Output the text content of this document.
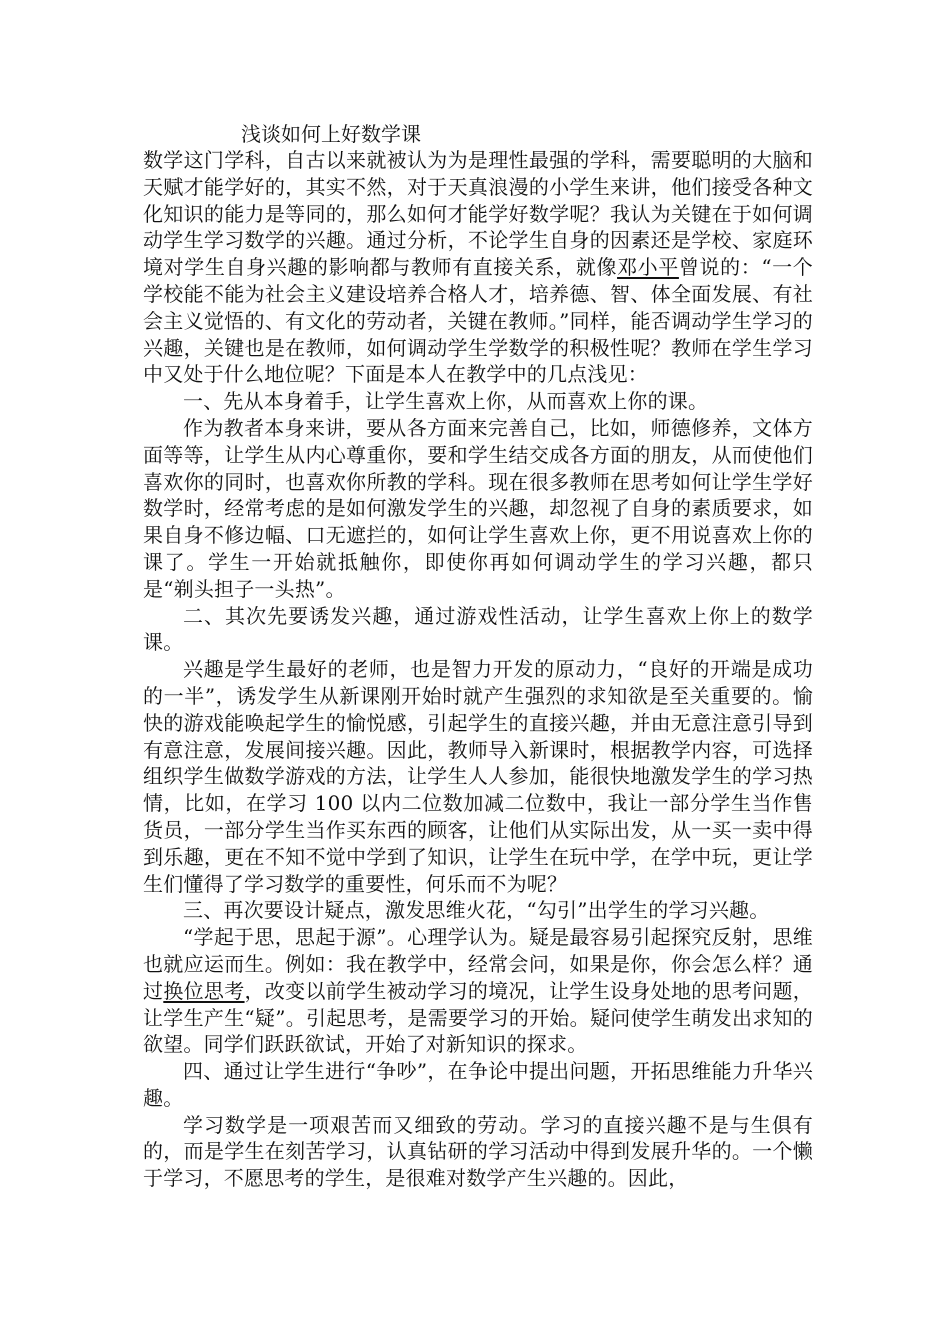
浅谈如何上好数学课

数学这门学科，自古以来就被认为为是理性最强的学科，需要聪明的大脑和天赋才能学好的，其实不然，对于天真浪漫的小学生来讲，他们接受各种文化知识的能力是等同的，那么如何才能学好数学呢？我认为关键在于如何调动学生学习数学的兴趣。通过分析，不论学生自身的因素还是学校、家庭环境对学生自身兴趣的影响都与教师有直接关系，就像邓小平曾说的：“一个学校能不能为社会主义建设培养合格人才，培养德、智、体全面发展、有社会主义觉悟的、有文化的劳动者，关键在教师。”同样，能否调动学生学习的兴趣，关键也是在教师，如何调动学生学数学的积极性呢？教师在学生学习中又处于什么地位呢？下面是本人在教学中的几点浅见：

一、先从本身着手，让学生喜欢上你，从而喜欢上你的课。

作为教者本身来讲，要从各方面来完善自己，比如，师德修养，文体方面等等，让学生从内心尊重你，要和学生结交成各方面的朋友，从而使他们喜欢你的同时，也喜欢你所教的学科。现在很多教师在思考如何让学生学好数学时，经常考虑的是如何激发学生的兴趣，却忽视了自身的素质要求，如果自身不修边幅、口无遮拦的，如何让学生喜欢上你，更不用说喜欢上你的课了。学生一开始就抵触你，即使你再如何调动学生的学习兴趣，都只是“剃头担子一头热”。

二、其次先要诱发兴趣，通过游戏性活动，让学生喜欢上你上的数学课。

兴趣是学生最好的老师，也是智力开发的原动力，“良好的开端是成功的一半”，诱发学生从新课刚开始时就产生强烈的求知欲是至关重要的。愉快的游戏能唤起学生的愉悦感，引起学生的直接兴趣，并由无意注意引导到有意注意，发展间接兴趣。因此，教师导入新课时，根据教学内容，可选择组织学生做数学游戏的方法，让学生人人参加，能很快地激发学生的学习热情，比如，在学习 100 以内二位数加减二位数中，我让一部分学生当作售货员，一部分学生当作买东西的顾客，让他们从实际出发，从一买一卖中得到乐趣，更在不知不觉中学到了知识，让学生在玩中学，在学中玩，更让学生们懂得了学习数学的重要性，何乐而不为呢？

三、再次要设计疑点，激发思维火花，“勾引”出学生的学习兴趣。

“学起于思，思起于源”。心理学认为。疑是最容易引起探究反射，思维也就应运而生。例如：我在教学中，经常会问，如果是你，你会怎么样？通过换位思考，改变以前学生被动学习的境况，让学生设身处地的思考问题，让学生产生“疑”。引起思考，是需要学习的开始。疑问使学生萌发出求知的欲望。同学们跃跃欲试，开始了对新知识的探求。

四、通过让学生进行“争吵”，在争论中提出问题，开拓思维能力升华兴趣。

学习数学是一项艰苦而又细致的劳动。学习的直接兴趣不是与生俱有的，而是学生在刻苦学习，认真钻研的学习活动中得到发展升华的。一个懒于学习，不愿思考的学生，是很难对数学产生兴趣的。因此，
